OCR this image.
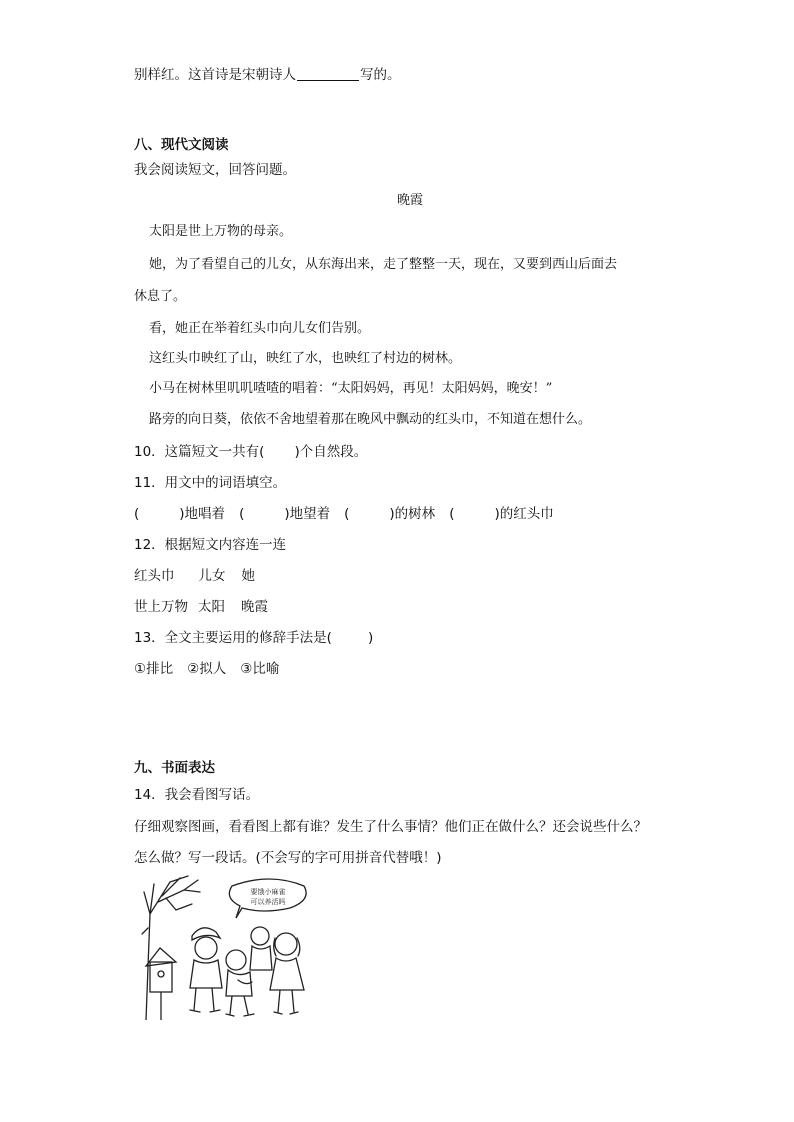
别样红。这首诗是宋朝诗人	写的。
八、现代文阅读
我会阅读短文，回答问题。
晚霞
太阳是世上万物的母亲。
她，为了看望自己的儿女，从东海出来，走了整整一天，现在，又要到西山后面去
休息了。
看，她正在举着红头巾向儿女们告别。
这红头巾映红了山，映红了水，也映红了村边的树林。
小马在树林里叽叽喳喳的唱着：“太阳妈妈，再见！太阳妈妈，晚安！”
路旁的向日葵，依依不舍地望着那在晚风中飘动的红头巾，不知道在想什么。
10．这篇短文一共有( )个自然段。
11．用文中的词语填空。
(	)地唱着 (	)地望着 (	)的树林 (	)的红头巾
12．根据短文内容连一连
红头巾 儿女 她
世上万物 太阳 晚霞
13．全文主要运用的修辞手法是(	)
①排比 ②拟人 ③比喻
九、书面表达
14．我会看图写话。
仔细观察图画，看看图上都有谁？发生了什么事情？他们正在做什么？还会说些什么？
怎么做？写一段话。(不会写的字可用拼音代替哦！)
要饿小麻雀
可以养活吗
